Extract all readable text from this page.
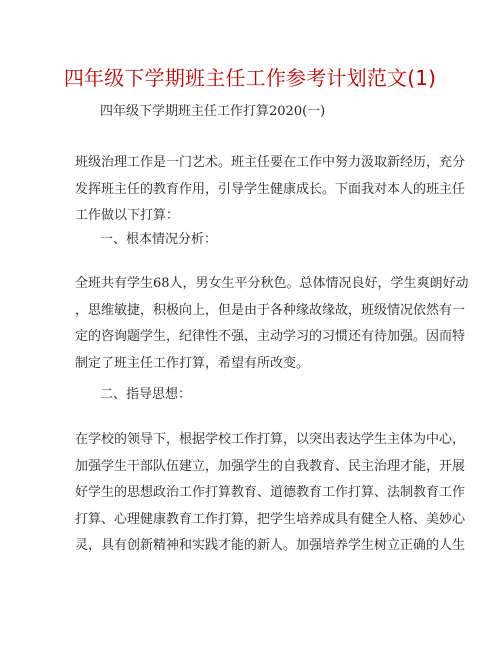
四年级下学期班主任工作参考计划范文(1)

四年级下学期班主任工作打算2020(一)

班级治理工作是一门艺术。班主任要在工作中努力汲取新经历，充分
发挥班主任的教育作用，引导学生健康成长。下面我对本人的班主任
工作做以下打算：

一、根本情况分析：

全班共有学生68人，男女生平分秋色。总体情况良好，学生爽朗好动
，思维敏捷，积极向上，但是由于各种缘故缘故，班级情况依然有一
定的咨询题学生，纪律性不强，主动学习的习惯还有待加强。因而特
制定了班主任工作打算，希望有所改变。

二、指导思想：

在学校的领导下，根据学校工作打算，以突出表达学生主体为中心，
加强学生干部队伍建立，加强学生的自我教育、民主治理才能，开展
好学生的思想政治工作打算教育、道德教育工作打算、法制教育工作
打算、心理健康教育工作打算，把学生培养成具有健全人格、美妙心
灵，具有创新精神和实践才能的新人。加强培养学生树立正确的人生
